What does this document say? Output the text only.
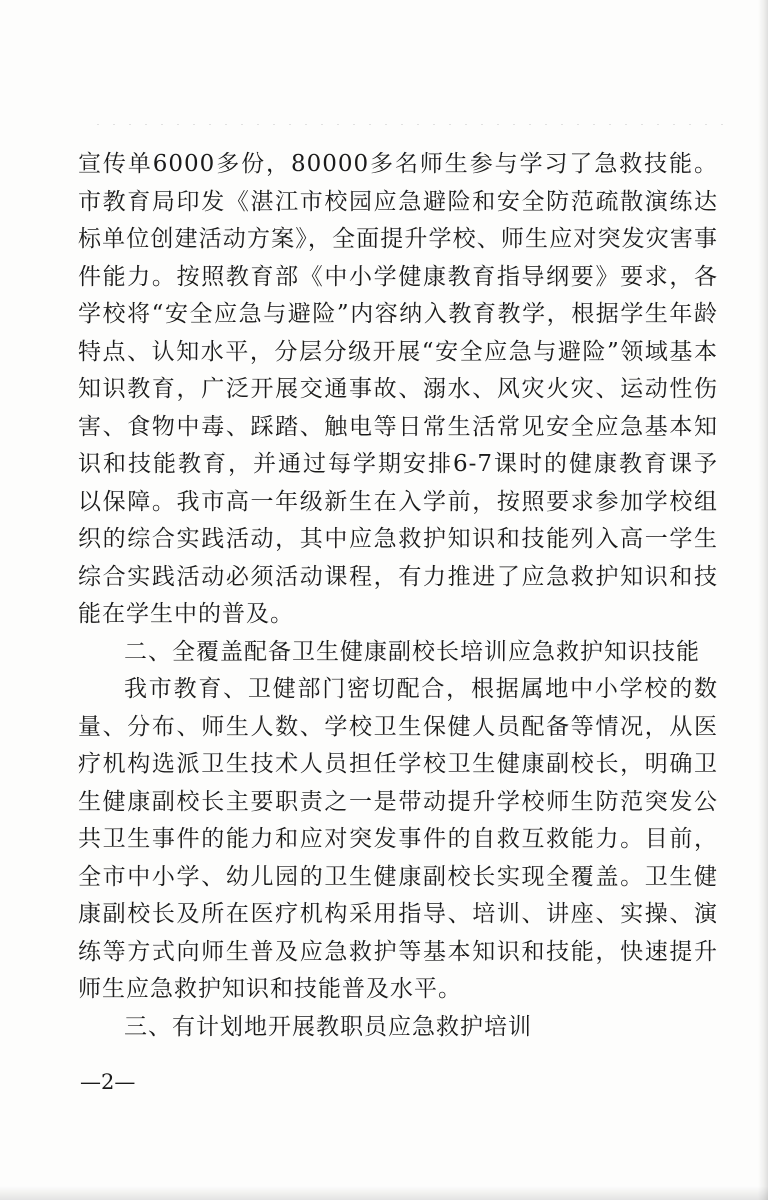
宣传单6000多份，80000多名师生参与学习了急救技能。市教育局印发《湛江市校园应急避险和安全防范疏散演练达标单位创建活动方案》，全面提升学校、师生应对突发灾害事件能力。按照教育部《中小学健康教育指导纲要》要求，各学校将“安全应急与避险”内容纳入教育教学，根据学生年龄特点、认知水平，分层分级开展“安全应急与避险”领域基本知识教育，广泛开展交通事故、溺水、风灾火灾、运动性伤害、食物中毒、踩踏、触电等日常生活常见安全应急基本知识和技能教育，并通过每学期安排6-7课时的健康教育课予以保障。我市高一年级新生在入学前，按照要求参加学校组织的综合实践活动，其中应急救护知识和技能列入高一学生综合实践活动必须活动课程，有力推进了应急救护知识和技能在学生中的普及。

二、全覆盖配备卫生健康副校长培训应急救护知识技能

我市教育、卫健部门密切配合，根据属地中小学校的数量、分布、师生人数、学校卫生保健人员配备等情况，从医疗机构选派卫生技术人员担任学校卫生健康副校长，明确卫生健康副校长主要职责之一是带动提升学校师生防范突发公共卫生事件的能力和应对突发事件的自救互救能力。目前，全市中小学、幼儿园的卫生健康副校长实现全覆盖。卫生健康副校长及所在医疗机构采用指导、培训、讲座、实操、演练等方式向师生普及应急救护等基本知识和技能，快速提升师生应急救护知识和技能普及水平。

三、有计划地开展教职员应急救护培训

—2—
